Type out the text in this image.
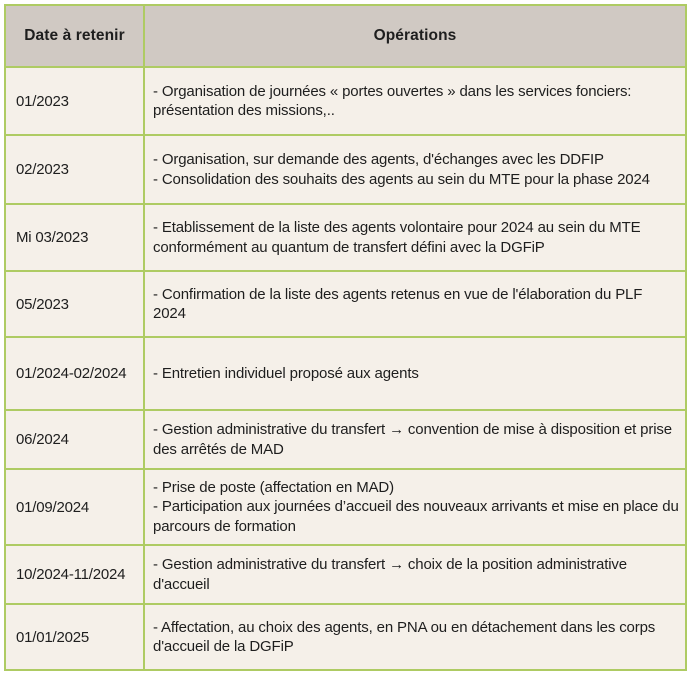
Date à retenir	Opérations
01/2023	- Organisation de journées « portes ouvertes » dans les services fonciers: présentation des missions,..

02/2023	- Organisation, sur demande des agents, d'échanges avec les DDFIP
- Consolidation des souhaits des agents au sein du MTE pour la phase 2024

Mi 03/2023	- Etablissement de la liste des agents volontaire pour 2024 au sein du MTE conformément au quantum de transfert défini avec la DGFiP

05/2023	- Confirmation de la liste des agents retenus en vue de l'élaboration du PLF 2024

01/2024-02/2024	- Entretien individuel proposé aux agents

06/2024	- Gestion administrative du transfert → convention de mise à disposition et prise des arrêtés de MAD

01/09/2024	- Prise de poste (affectation en MAD)
- Participation aux journées d’accueil des nouveaux arrivants et mise en place du parcours de formation

10/2024-11/2024	- Gestion administrative du transfert → choix de la position administrative d'accueil

01/01/2025	- Affectation, au choix des agents, en PNA ou en détachement dans les corps d'accueil de la DGFiP
